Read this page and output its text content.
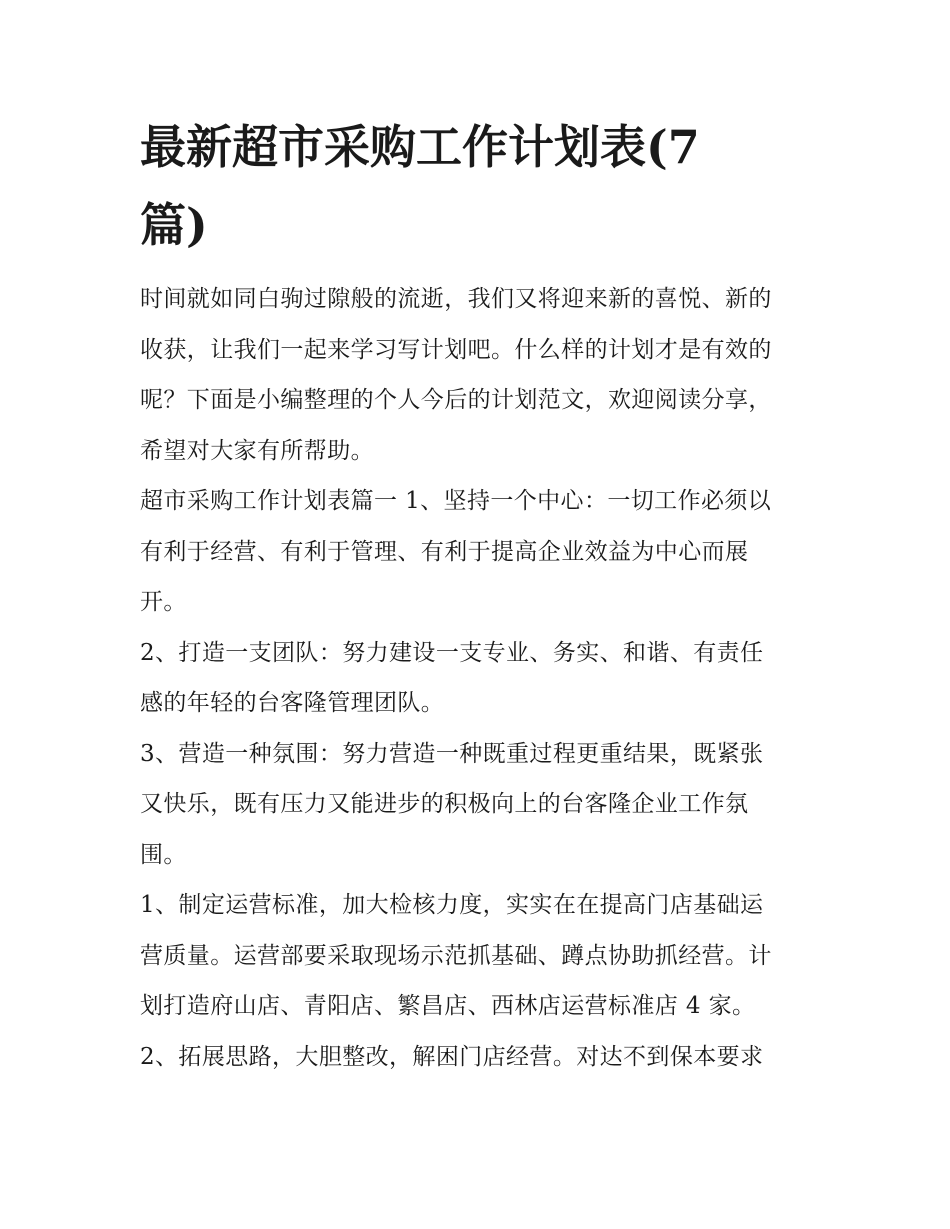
最新超市采购工作计划表(7
篇)
时间就如同白驹过隙般的流逝，我们又将迎来新的喜悦、新的
收获，让我们一起来学习写计划吧。什么样的计划才是有效的
呢？下面是小编整理的个人今后的计划范文，欢迎阅读分享，
希望对大家有所帮助。
超市采购工作计划表篇一 1、坚持一个中心：一切工作必须以
有利于经营、有利于管理、有利于提高企业效益为中心而展
开。
2、打造一支团队：努力建设一支专业、务实、和谐、有责任
感的年轻的台客隆管理团队。
3、营造一种氛围：努力营造一种既重过程更重结果，既紧张
又快乐，既有压力又能进步的积极向上的台客隆企业工作氛
围。
1、制定运营标准，加大检核力度，实实在在提高门店基础运
营质量。运营部要采取现场示范抓基础、蹲点协助抓经营。计
划打造府山店、青阳店、繁昌店、西林店运营标准店 4 家。
2、拓展思路，大胆整改，解困门店经营。对达不到保本要求
